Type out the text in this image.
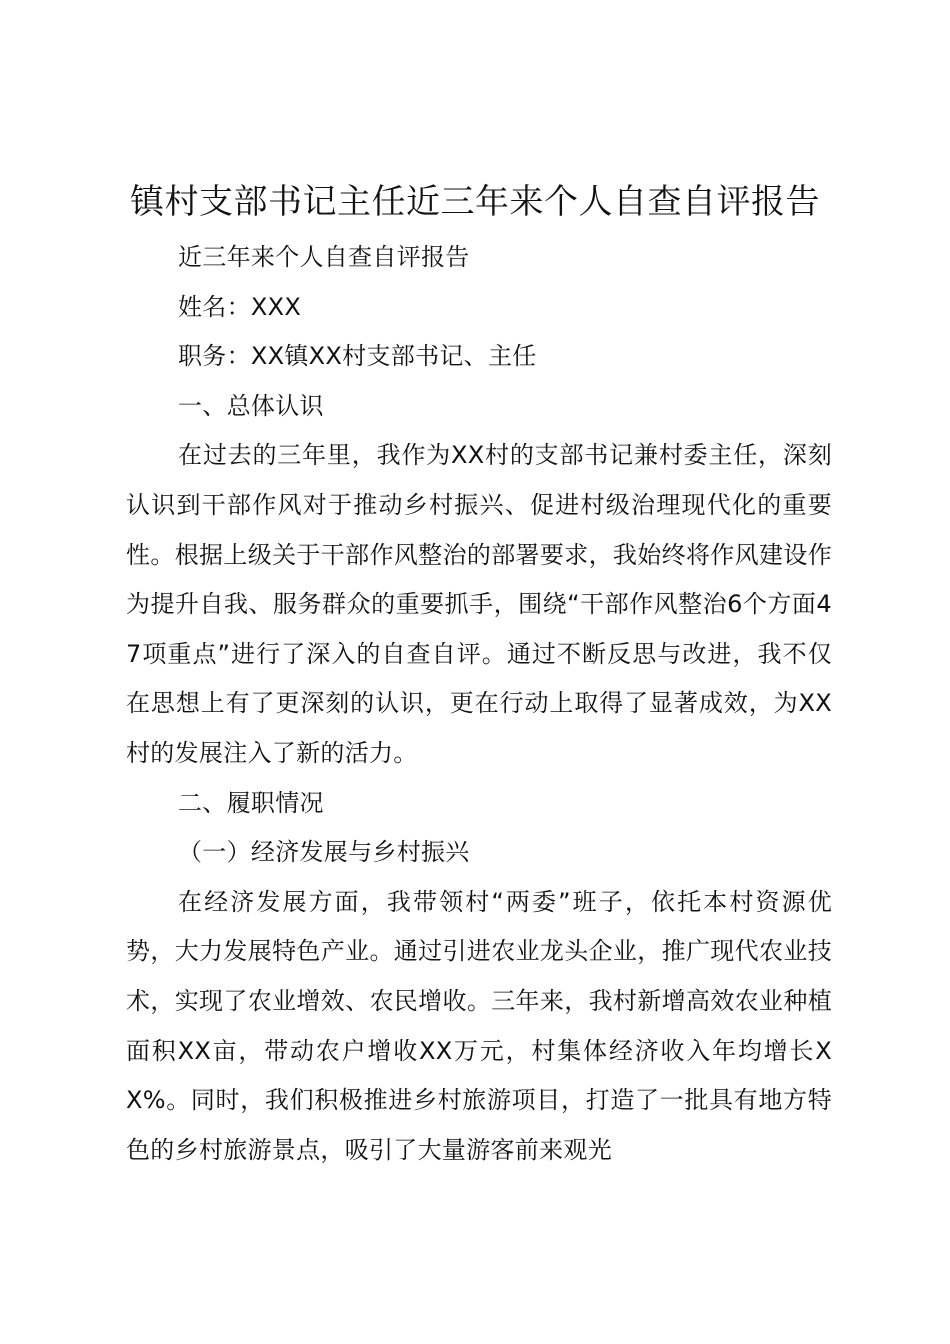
镇村支部书记主任近三年来个人自查自评报告

近三年来个人自查自评报告

姓名：XXX

职务：XX镇XX村支部书记、主任

一、总体认识

在过去的三年里，我作为XX村的支部书记兼村委主任，深刻认识到干部作风对于推动乡村振兴、促进村级治理现代化的重要性。根据上级关于干部作风整治的部署要求，我始终将作风建设作为提升自我、服务群众的重要抓手，围绕“干部作风整治6个方面47项重点”进行了深入的自查自评。通过不断反思与改进，我不仅在思想上有了更深刻的认识，更在行动上取得了显著成效，为XX村的发展注入了新的活力。

二、履职情况

（一）经济发展与乡村振兴

在经济发展方面，我带领村“两委”班子，依托本村资源优势，大力发展特色产业。通过引进农业龙头企业，推广现代农业技术，实现了农业增效、农民增收。三年来，我村新增高效农业种植面积XX亩，带动农户增收XX万元，村集体经济收入年均增长XX%。同时，我们积极推进乡村旅游项目，打造了一批具有地方特色的乡村旅游景点，吸引了大量游客前来观光
